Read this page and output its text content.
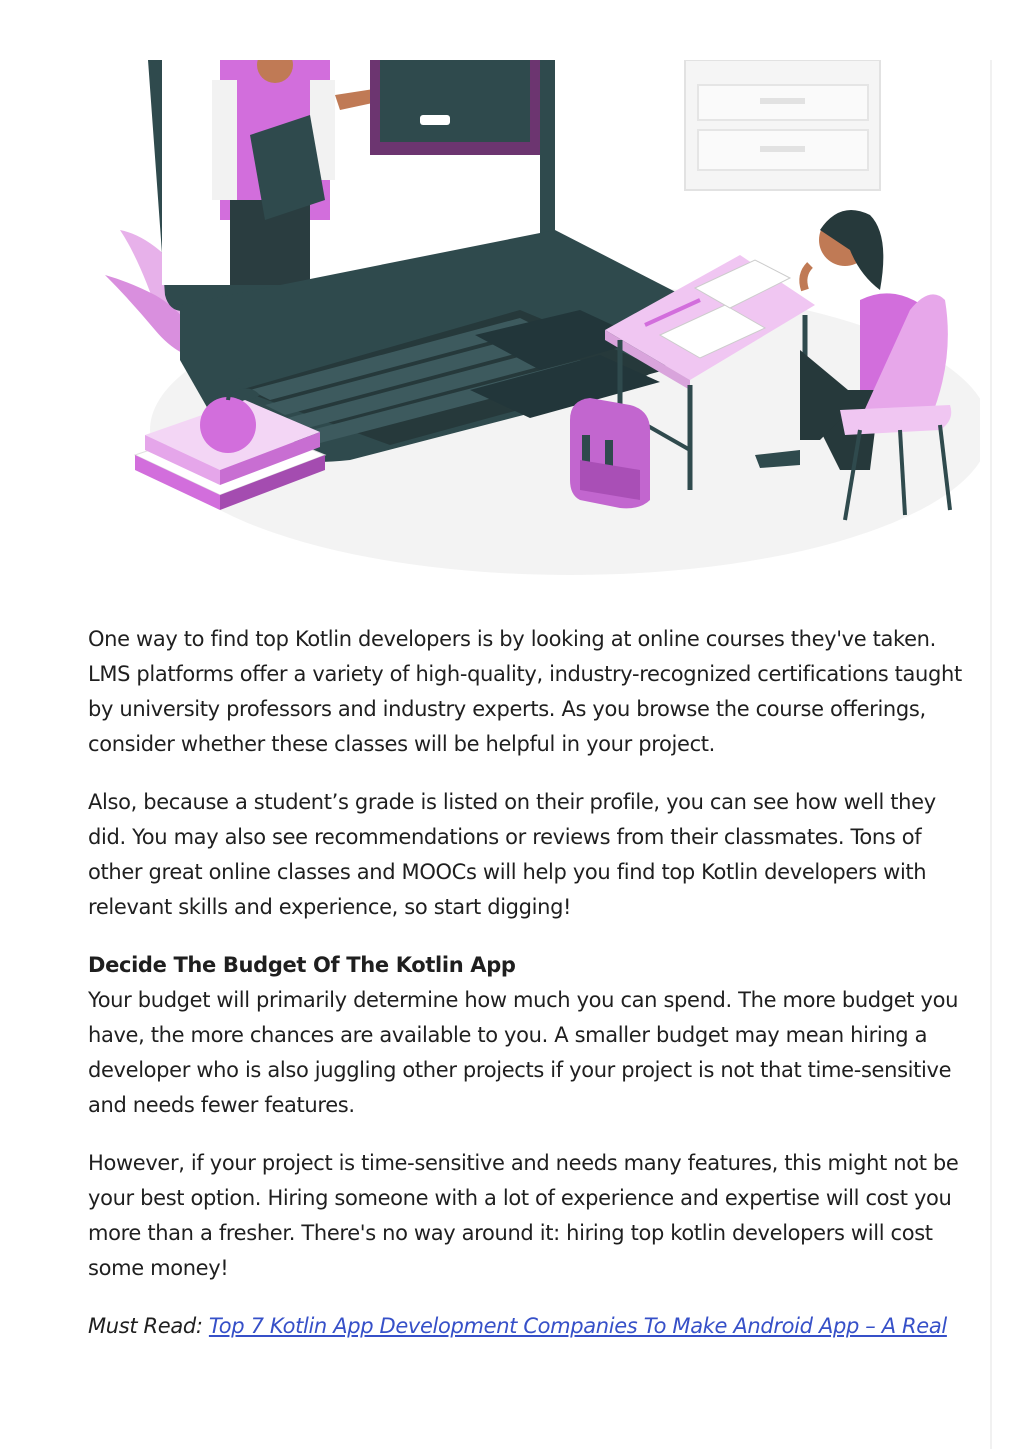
One way to find top Kotlin developers is by looking at online courses they've taken. LMS platforms offer a variety of high-quality, industry-recognized certifications taught by university professors and industry experts. As you browse the course offerings, consider whether these classes will be helpful in your project.

Also, because a student’s grade is listed on their profile, you can see how well they did. You may also see recommendations or reviews from their classmates. Tons of other great online classes and MOOCs will help you find top Kotlin developers with relevant skills and experience, so start digging!

Decide The Budget Of The Kotlin App

Your budget will primarily determine how much you can spend. The more budget you have, the more chances are available to you. A smaller budget may mean hiring a developer who is also juggling other projects if your project is not that time-sensitive and needs fewer features.

However, if your project is time-sensitive and needs many features, this might not be your best option. Hiring someone with a lot of experience and expertise will cost you more than a fresher. There's no way around it: hiring top kotlin developers will cost some money!

Must Read: Top 7 Kotlin App Development Companies To Make Android App – A Real
